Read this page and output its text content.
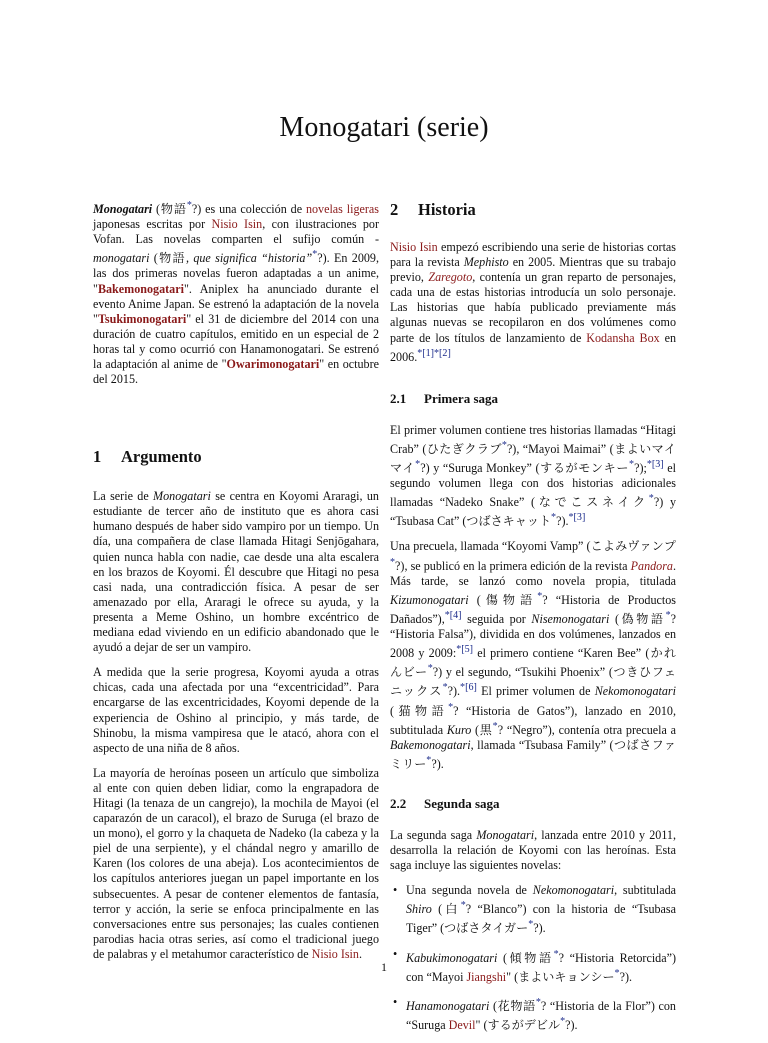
Monogatari (serie)

Monogatari (物語*?) es una colección de novelas ligeras japonesas escritas por Nisio Isin, con ilustraciones por Vofan. Las novelas comparten el sufijo común -monogatari (物語, que significa “historia”*?). En 2009, las dos primeras novelas fueron adaptadas a un anime, "Bakemonogatari". Aniplex ha anunciado durante el evento Anime Japan. Se estrenó la adaptación de la novela "Tsukimonogatari" el 31 de diciembre del 2014 con una duración de cuatro capítulos, emitido en un especial de 2 horas tal y como ocurrió con Hanamonogatari. Se estrenó la adaptación al anime de "Owarimonogatari" en octubre del 2015.

1 Argumento

La serie de Monogatari se centra en Koyomi Araragi, un estudiante de tercer año de instituto que es ahora casi humano después de haber sido vampiro por un tiempo. Un día, una compañera de clase llamada Hitagi Senjōgahara, quien nunca habla con nadie, cae desde una alta escalera en los brazos de Koyomi. Él descubre que Hitagi no pesa casi nada, una contradicción física. A pesar de ser amenazado por ella, Araragi le ofrece su ayuda, y la presenta a Meme Oshino, un hombre excéntrico de mediana edad viviendo en un edificio abandonado que le ayudó a dejar de ser un vampiro.

A medida que la serie progresa, Koyomi ayuda a otras chicas, cada una afectada por una “excentricidad”. Para encargarse de las excentricidades, Koyomi depende de la experiencia de Oshino al principio, y más tarde, de Shinobu, la misma vampiresa que le atacó, ahora con el aspecto de una niña de 8 años.

La mayoría de heroínas poseen un artículo que simboliza al ente con quien deben lidiar, como la engrapadora de Hitagi (la tenaza de un cangrejo), la mochila de Mayoi (el caparazón de un caracol), el brazo de Suruga (el brazo de un mono), el gorro y la chaqueta de Nadeko (la cabeza y la piel de una serpiente), y el chándal negro y amarillo de Karen (los colores de una abeja). Los acontecimientos de los capítulos anteriores juegan un papel importante en los subsecuentes. A pesar de contener elementos de fantasía, terror y acción, la serie se enfoca principalmente en las conversaciones entre sus personajes; las cuales contienen parodias hacia otras series, así como el tradicional juego de palabras y el metahumor característico de Nisio Isin.

2 Historia

Nisio Isin empezó escribiendo una serie de historias cortas para la revista Mephisto en 2005. Mientras que su trabajo previo, Zaregoto, contenía un gran reparto de personajes, cada una de estas historias introducía un solo personaje. Las historias que había publicado previamente más algunas nuevas se recopilaron en dos volúmenes como parte de los títulos de lanzamiento de Kodansha Box en 2006.$^{*[1]*[2]}$

2.1 Primera saga

El primer volumen contiene tres historias llamadas “Hitagi Crab” (ひたぎクラブ*?), “Mayoi Maimai” (まよいマイマイ*?) y “Suruga Monkey” (するがモンキー*?);$^{*[3]}$ el segundo volumen llega con dos historias adicionales llamadas “Nadeko Snake” (なでこスネイク*?) y “Tsubasa Cat” (つばさキャット*?).$^{*[3]}$

Una precuela, llamada “Koyomi Vamp” (こよみヴァンプ*?), se publicó en la primera edición de la revista Pandora. Más tarde, se lanzó como novela propia, titulada Kizumonogatari (傷物語*? “Historia de Productos Dañados”),$^{*[4]}$ seguida por Nisemonogatari (偽物語*? “Historia Falsa”), dividida en dos volúmenes, lanzados en 2008 y 2009:$^{*[5]}$ el primero contiene “Karen Bee” (かれんビー*?) y el segundo, “Tsukihi Phoenix” (つきひフェニックス*?).$^{*[6]}$ El primer volumen de Nekomonogatari (猫物語*? “Historia de Gatos”), lanzado en 2010, subtitulada Kuro (黒*? “Negro”), contenía otra precuela a Bakemonogatari, llamada “Tsubasa Family” (つばさファミリー*?).

2.2 Segunda saga

La segunda saga Monogatari, lanzada entre 2010 y 2011, desarrolla la relación de Koyomi con las heroínas. Esta saga incluye las siguientes novelas:

• Una segunda novela de Nekomonogatari, subtitulada Shiro (白*? “Blanco”) con la historia de “Tsubasa Tiger” (つばさタイガー*?).
• Kabukimonogatari (傾物語*? “Historia Retorcida”) con “Mayoi Jiangshi" (まよいキョンシー*?).
• Hanamonogatari (花物語*? “Historia de la Flor”) con “Suruga Devil" (するがデビル*?).
1
